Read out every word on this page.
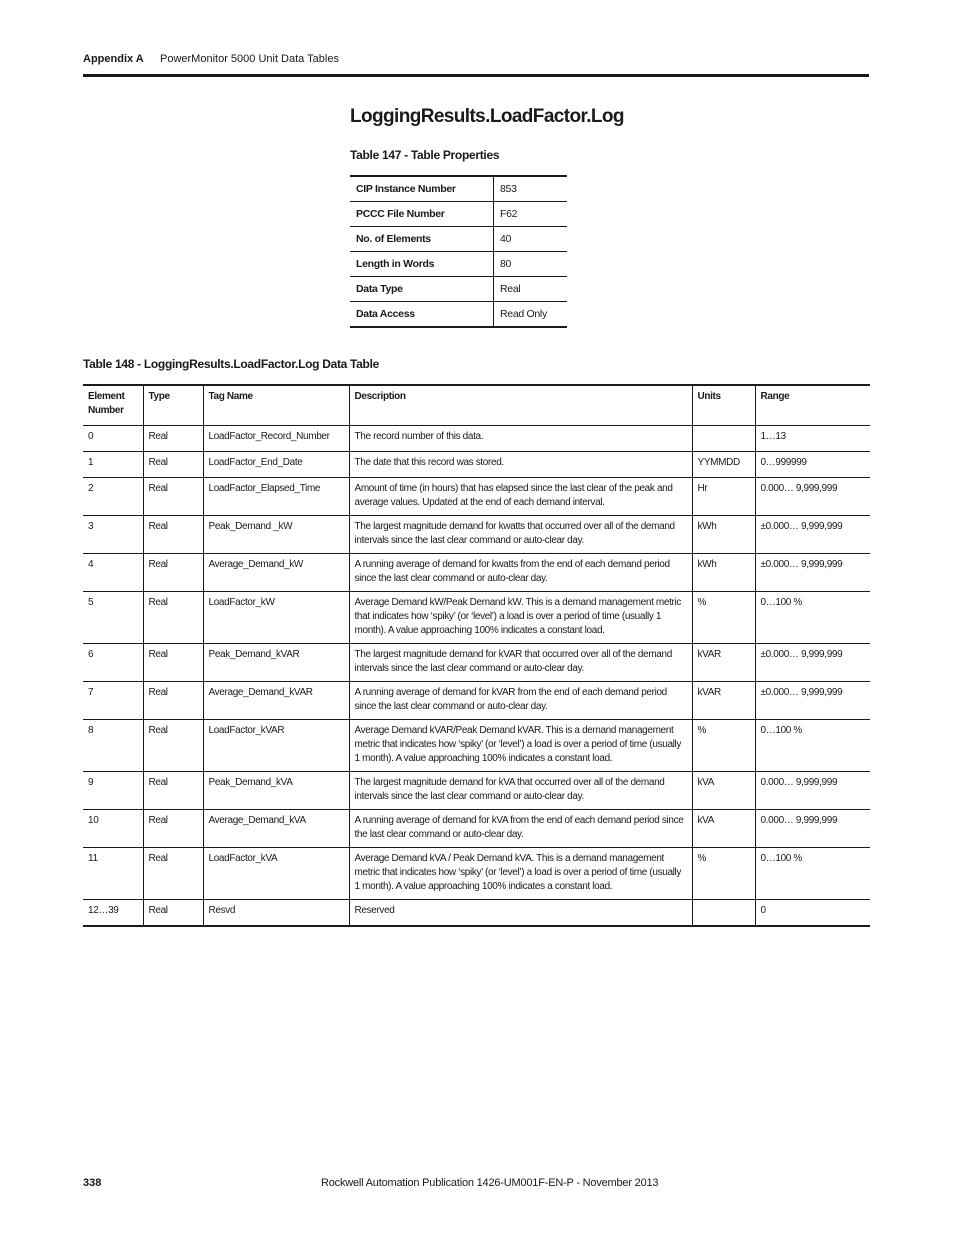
Appendix A PowerMonitor 5000 Unit Data Tables
LoggingResults.LoadFactor.Log
Table 147 - Table Properties
CIP Instance Number	853
PCCC File Number	F62
No. of Elements	40
Length in Words	80
Data Type	Real
Data Access	Read Only
Table 148 - LoggingResults.LoadFactor.Log Data Table
Element Number	Type	Tag Name	Description	Units	Range
0	Real	LoadFactor_Record_Number	The record number of this data.		1…13
1	Real	LoadFactor_End_Date	The date that this record was stored.	YYMMDD	0…999999
2	Real	LoadFactor_Elapsed_Time	Amount of time (in hours) that has elapsed since the last clear of the peak and average values. Updated at the end of each demand interval.	Hr	0.000… 9,999,999
3	Real	Peak_Demand _kW	The largest magnitude demand for kwatts that occurred over all of the demand intervals since the last clear command or auto-clear day.	kWh	±0.000… 9,999,999
4	Real	Average_Demand_kW	A running average of demand for kwatts from the end of each demand period since the last clear command or auto-clear day.	kWh	±0.000… 9,999,999
5	Real	LoadFactor_kW	Average Demand kW/Peak Demand kW. This is a demand management metric that indicates how ‘spiky’ (or ‘level’) a load is over a period of time (usually 1 month). A value approaching 100% indicates a constant load.	%	0…100 %
6	Real	Peak_Demand_kVAR	The largest magnitude demand for kVAR that occurred over all of the demand intervals since the last clear command or auto-clear day.	kVAR	±0.000… 9,999,999
7	Real	Average_Demand_kVAR	A running average of demand for kVAR from the end of each demand period since the last clear command or auto-clear day.	kVAR	±0.000… 9,999,999
8	Real	LoadFactor_kVAR	Average Demand kVAR/Peak Demand kVAR. This is a demand management metric that indicates how ‘spiky’ (or ‘level’) a load is over a period of time (usually 1 month). A value approaching 100% indicates a constant load.	%	0…100 %
9	Real	Peak_Demand_kVA	The largest magnitude demand for kVA that occurred over all of the demand intervals since the last clear command or auto-clear day.	kVA	0.000… 9,999,999
10	Real	Average_Demand_kVA	A running average of demand for kVA from the end of each demand period since the last clear command or auto-clear day.	kVA	0.000… 9,999,999
11	Real	LoadFactor_kVA	Average Demand kVA / Peak Demand kVA. This is a demand management metric that indicates how ‘spiky’ (or ‘level’) a load is over a period of time (usually 1 month). A value approaching 100% indicates a constant load.	%	0…100 %
12…39	Real	Resvd	Reserved		0
338	Rockwell Automation Publication 1426-UM001F-EN-P - November 2013
